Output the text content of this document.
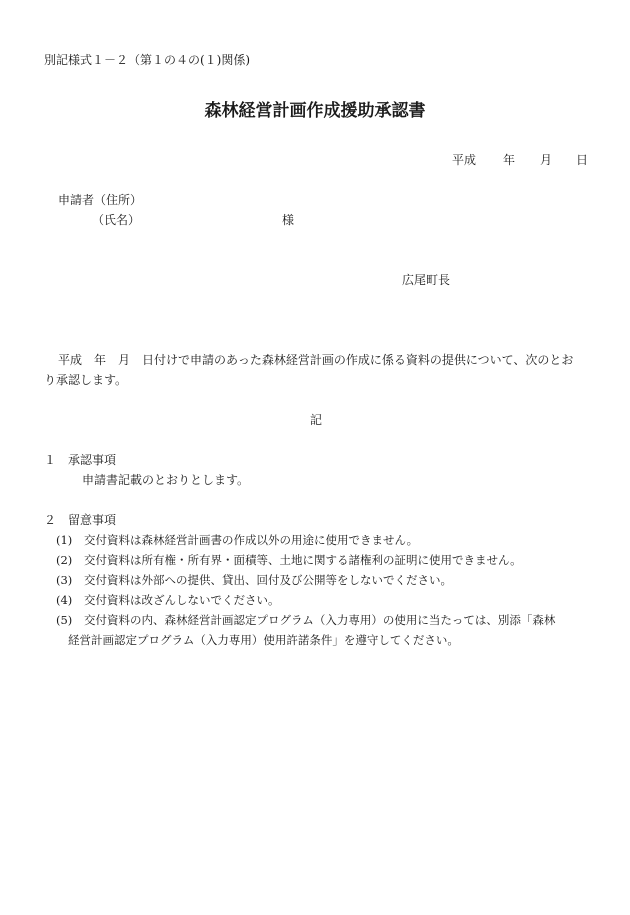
別記様式１－２（第１の４の(１)関係)
森林経営計画作成援助承認書
平成 年 月 日
申請者（住所）
（氏名）	様
広尾町長
平成　年　月　日付けで申請のあった森林経営計画の作成に係る資料の提供について、次のとお
り承認します。
記
１　承認事項
申請書記載のとおりとします。
２　留意事項
(1) 交付資料は森林経営計画書の作成以外の用途に使用できません。
(2) 交付資料は所有権・所有界・面積等、土地に関する諸権利の証明に使用できません。
(3) 交付資料は外部への提供、貸出、回付及び公開等をしないでください。
(4) 交付資料は改ざんしないでください。
(5) 交付資料の内、森林経営計画認定プログラム（入力専用）の使用に当たっては、別添「森林
経営計画認定プログラム（入力専用）使用許諾条件」を遵守してください。
